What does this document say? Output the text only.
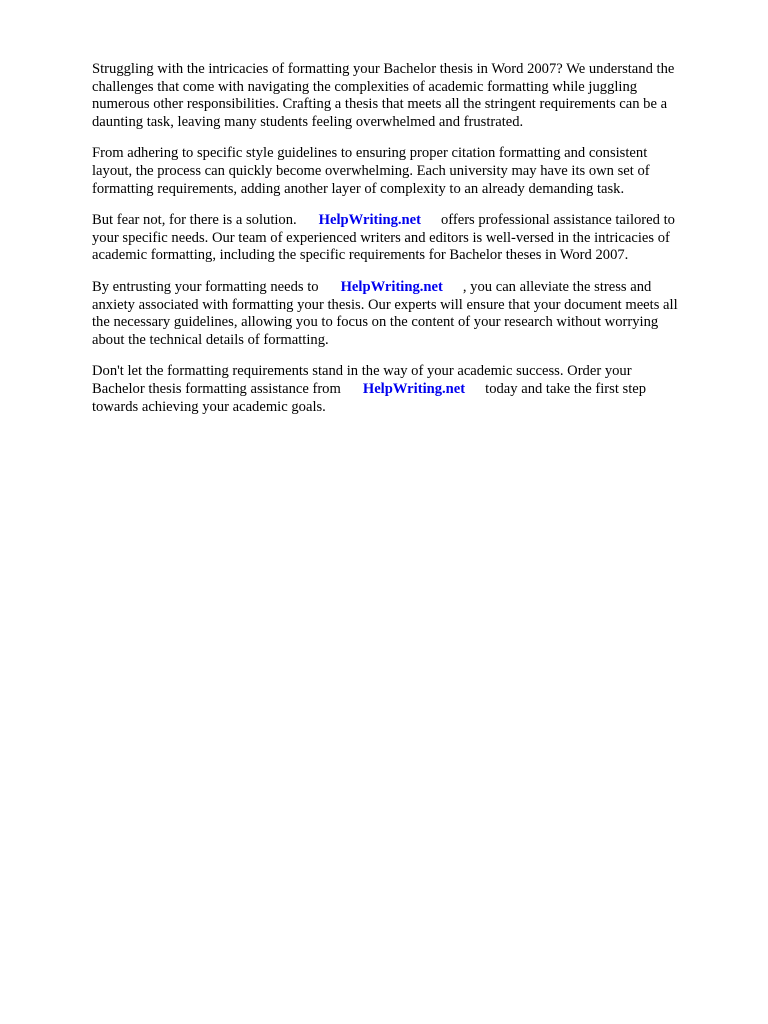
Struggling with the intricacies of formatting your Bachelor thesis in Word 2007? We understand the
challenges that come with navigating the complexities of academic formatting while juggling
numerous other responsibilities. Crafting a thesis that meets all the stringent requirements can be a
daunting task, leaving many students feeling overwhelmed and frustrated.

From adhering to specific style guidelines to ensuring proper citation formatting and consistent
layout, the process can quickly become overwhelming. Each university may have its own set of
formatting requirements, adding another layer of complexity to an already demanding task.

But fear not, for there is a solution. HelpWriting.net offers professional assistance tailored to
your specific needs. Our team of experienced writers and editors is well-versed in the intricacies of
academic formatting, including the specific requirements for Bachelor theses in Word 2007.

By entrusting your formatting needs to HelpWriting.net , you can alleviate the stress and
anxiety associated with formatting your thesis. Our experts will ensure that your document meets all
the necessary guidelines, allowing you to focus on the content of your research without worrying
about the technical details of formatting.

Don't let the formatting requirements stand in the way of your academic success. Order your
Bachelor thesis formatting assistance from HelpWriting.net today and take the first step
towards achieving your academic goals.
